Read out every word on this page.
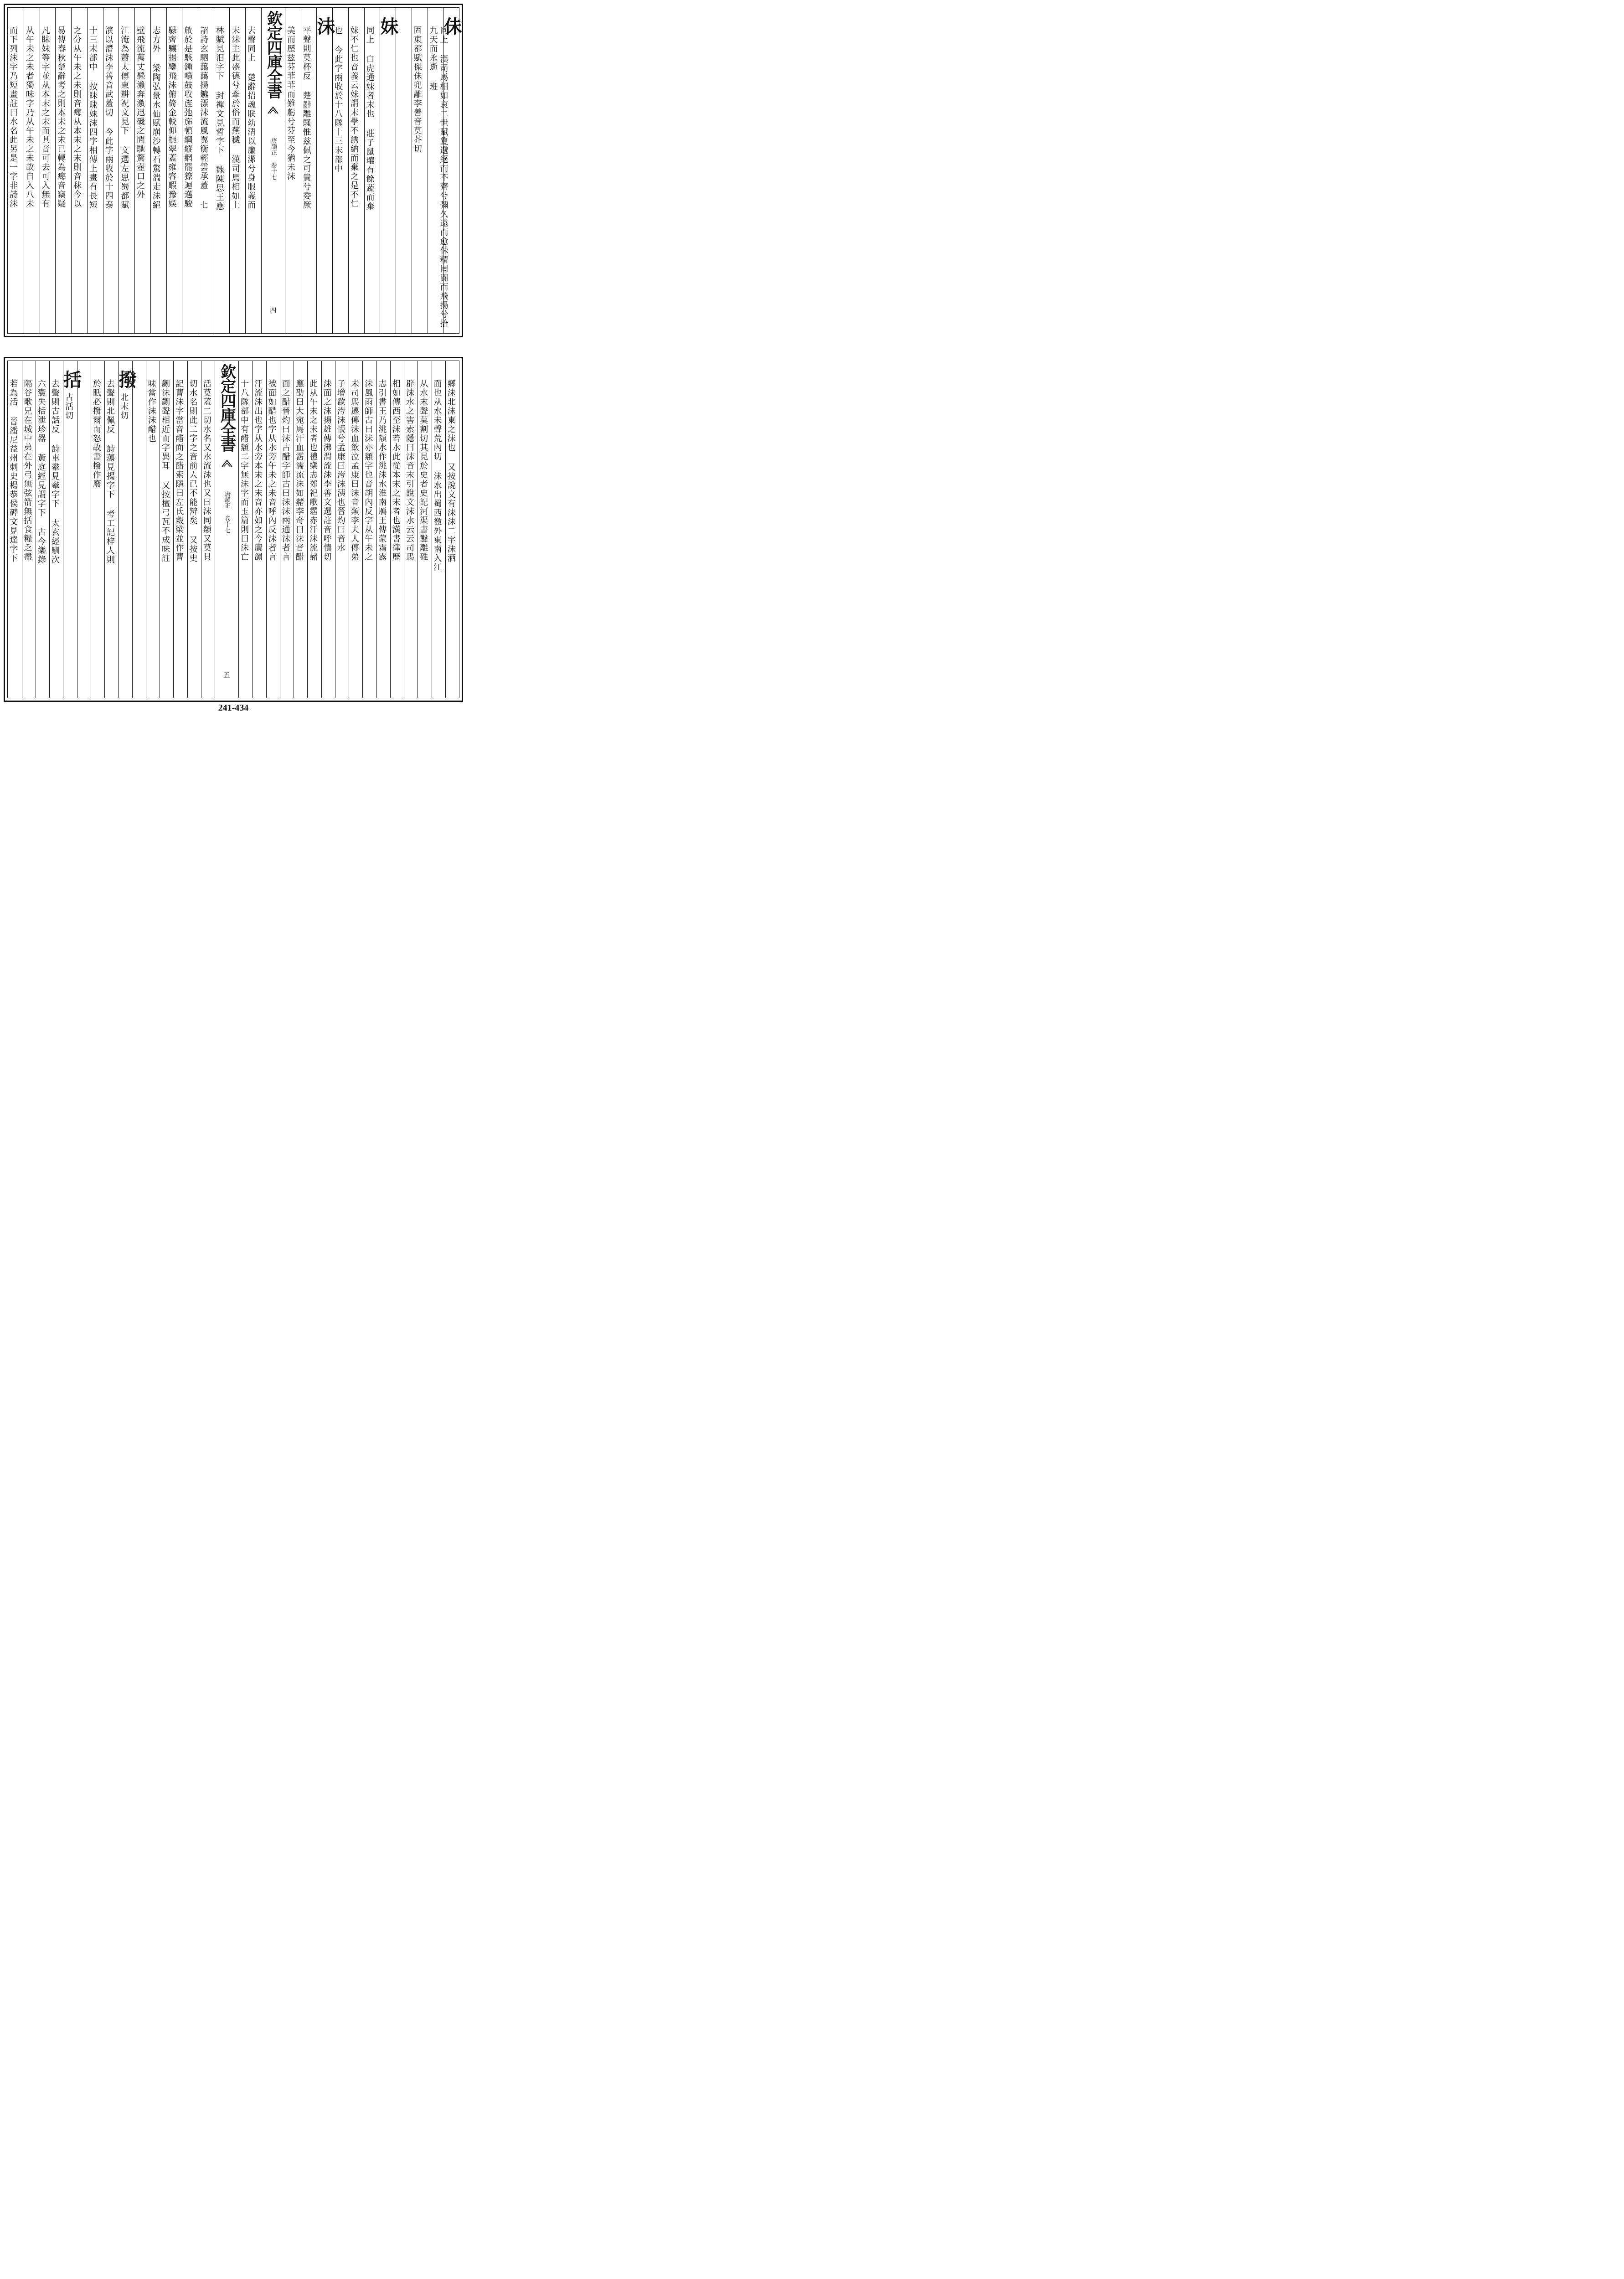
佅
同上 漢司馬相如哀二世賦夐邈絕而不齊兮彌久遠而愈佅精罔閬而飛揚兮拾九天而永逝 班
固東都賦傑佅兜離李善音莫芥切
妹
同上 白虎通妹者末也 莊子鼠壤有餘蔬而棄
妹不仁也音義云妹謂末學不誘納而棄之是不仁
也 今此字兩收於十八隊十三末部中
沬
平聲則莫杯反 楚辭離騷惟兹佩之可貴兮委厥
美而歷兹芬菲菲而難虧兮芬至今猶未沬
欽定四庫全書
唐韻正 卷十七
四
去聲同上 楚辭招魂朕幼清以廉潔兮身服義而
未沬主此盛德兮牽於俗而蕪穢 漢司馬相如上
林賦見汨字下 封禪文見晢字下 魏陳思王應
詔詩玄駟藹藹揚鑣漂沬流風翼衡輕雲承蓋 七
啟於是駭鍾鳴鼓收旌弛旆頓綱縱網罷獠迴邁駿
騄齊驤揚鑾飛沬俯倚金較仰撫翠蓋雍容暇豫娛
志方外 梁陶弘景水仙賦崩沙轉石驚湍走沬絕
壁飛流萬丈懸瀨奔激迅磯之間馳騖壺口之外
江淹為蕭太傅東耕祝文見下 文選左思蜀都賦
演以潛沬李善音武蓋切 今此字兩收於十四泰
十三末部中 按眛昧妹沬四字相傳上畫有長短
之分从午未之未則音痗从本末之末則音秣今以
易傳春秋楚辭考之則本末之末已轉為痗音竊疑
凡眛妹等字並从本末之末而其音可去可入無有
从午未之未者獨味字乃从午未之未故自入八未
而下列沬字乃短畫註曰水名此另是一字非詩沬
鄉沬北沬東之沬也 又按說文有沬沬二字沬洒
面也从水未聲荒內切 沬水出蜀西徼外東南入江
从水末聲莫割切其見於史者史記河渠書鑿離碓
辟沬水之害索隱曰沬音末引說文沬水云云司馬
相如傳西至沬若水此從本末之末者也漢書律歷
志引書王乃洮頮水作洮沬水淮南鴈王傳蒙霜露
沬風雨師古曰沬亦頮字也音胡內反字从午未之
未司馬遷傳沬血飲泣孟康曰沬音類李夫人傳弟
子增欷洿沬悵兮孟康曰洿沬洟也晉灼曰音水
沬面之沬揚雄傳沸渭流沬李善文選註音呼憒切
此从午未之未者也禮樂志郊祀歌霑赤汗沬流赭
應劭曰大宛馬汗血霑濡流沬如赭李奇曰沬音醋
面之醋晉灼曰沬古醋字師古曰沬沬兩通沬者言
被面如醋也字从水旁午未之未音呼內反沬者言
汗流沬出也字从水旁本末之末音亦如之今廣韻
十八隊部中有醋頮二字無沬字而玉篇則曰沬亡
欽定四庫全書
唐韻正 卷十七
五
活莫蓋二切水名又水流沬也又曰沬同頮又莫貝
切水名則此二字之音前人已不能辨矣 又按史
記曹沬字當音醋面之醋索隱曰左氏穀梁並作曹
劌沬劌聲相近而字異耳 又按檀弓瓦不成味註
味當作沬沬醋也
撥
北末切
去聲則北佩反 詩蕩見揭字下 考工記梓人則
於眂必撥爾而怒故書撥作廢
括
古活切
去聲則古話反 詩車舝見舝字下 太玄經馴次
六囊失括泄珍器 黃庭經見謂字下 古今樂錄
隔谷歌兄在城中弟在外弓無弦箭無括食糧乏盡
若為活 晉潘尼益州刺史楊恭侯碑文見達字下
241-434
